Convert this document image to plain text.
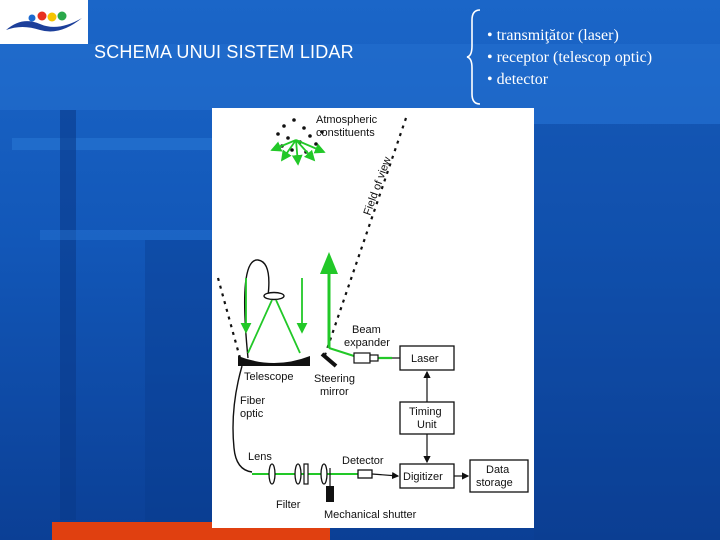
SCHEMA UNUI SISTEM LIDAR
• transmiţător (laser)
• receptor (telescop optic)
• detector
Atmospheric
constituents
Field of view
Telescope Steering
mirror
Beam
expander
Laser
Timing
Unit
Digitizer
Data
storage
Fiber
optic
Lens	Detector
Filter
Mechanical shutter
